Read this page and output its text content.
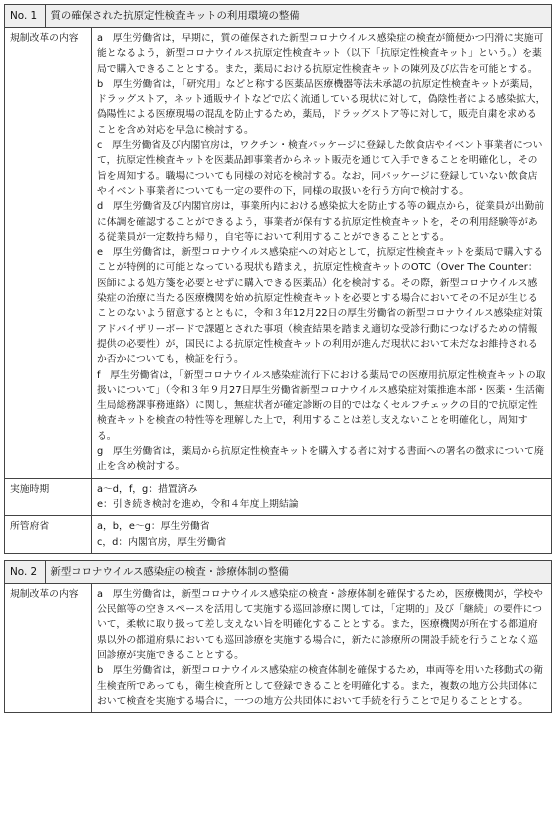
No. 1	質の確保された抗原定性検査キットの利用環境の整備

規制改革の内容	a　厚生労働省は，早期に，質の確保された新型コロナウイルス感染症の検査が簡便かつ円滑に実施可能となるよう，新型コロナウイルス抗原定性検査キット（以下「抗原定性検査キット」という。）を薬局で購入できることとする。また，薬局における抗原定性検査キットの陳列及び広告を可能とする。

b　厚生労働省は，「研究用」などと称する医薬品医療機器等法未承認の抗原定性検査キットが薬局，ドラッグストア，ネット通販サイトなどで広く流通している現状に対して，偽陰性者による感染拡大，偽陽性による医療現場の混乱を防止するため，薬局，ドラッグストア等に対して，販売自粛を求めることを含め対応を早急に検討する。

c　厚生労働省及び内閣官房は，ワクチン・検査パッケージに登録した飲食店やイベント事業者について，抗原定性検査キットを医薬品卸事業者からネット販売を通じて入手できることを明確化し，その旨を周知する。職場についても同様の対応を検討する。なお，同パッケージに登録していない飲食店やイベント事業者についても一定の要件の下，同様の取扱いを行う方向で検討する。

d　厚生労働省及び内閣官房は，事業所内における感染拡大を防止する等の観点から，従業員が出勤前に体調を確認することができるよう，事業者が保有する抗原定性検査キットを，その利用経験等がある従業員が一定数持ち帰り，自宅等において利用することができることとする。

e　厚生労働省は，新型コロナウイルス感染症への対応として，抗原定性検査キットを薬局で購入することが特例的に可能となっている現状も踏まえ，抗原定性検査キットのOTC（Over The Counter：医師による処方箋を必要とせずに購入できる医薬品）化を検討する。その際，新型コロナウイルス感染症の治療に当たる医療機関を始め抗原定性検査キットを必要とする場合においてその不足が生じることのないよう留意するとともに，令和３年12月22日の厚生労働省の新型コロナウイルス感染症対策アドバイザリーボードで課題とされた事項（検査結果を踏まえ適切な受診行動につなげるための情報提供の必要性）が，国民による抗原定性検査キットの利用が進んだ現状において未だなお維持されるか否かについても，検証を行う。

f　厚生労働省は，「新型コロナウイルス感染症流行下における薬局での医療用抗原定性検査キットの取扱いについて」（令和３年９月27日厚生労働省新型コロナウイルス感染症対策推進本部・医薬・生活衛生局総務課事務連絡）に関し，無症状者が確定診断の目的ではなくセルフチェックの目的で抗原定性検査キットを検査の特性等を理解した上で，利用することは差し支えないことを明確化し，周知する。

g　厚生労働省は，薬局から抗原定性検査キットを購入する者に対する書面への署名の徴求について廃止を含め検討する。

実施時期	a～d，f，g：措置済み

e：引き続き検討を進め，令和４年度上期結論

所管府省	a，b，e～g：厚生労働省

c，d：内閣官房，厚生労働省

No. 2	新型コロナウイルス感染症の検査・診療体制の整備

規制改革の内容	a　厚生労働省は，新型コロナウイルス感染症の検査・診療体制を確保するため，医療機関が，学校や公民館等の空きスペースを活用して実施する巡回診療に関しては，「定期的」及び「継続」の要件について，柔軟に取り扱って差し支えない旨を明確化することとする。また，医療機関が所在する都道府県以外の都道府県においても巡回診療を実施する場合に，新たに診療所の開設手続を行うことなく巡回診療が実施できることとする。

b　厚生労働省は，新型コロナウイルス感染症の検査体制を確保するため，車両等を用いた移動式の衛生検査所であっても，衛生検査所として登録できることを明確化する。また，複数の地方公共団体において検査を実施する場合に，一つの地方公共団体において手続を行うことで足りることとする。
